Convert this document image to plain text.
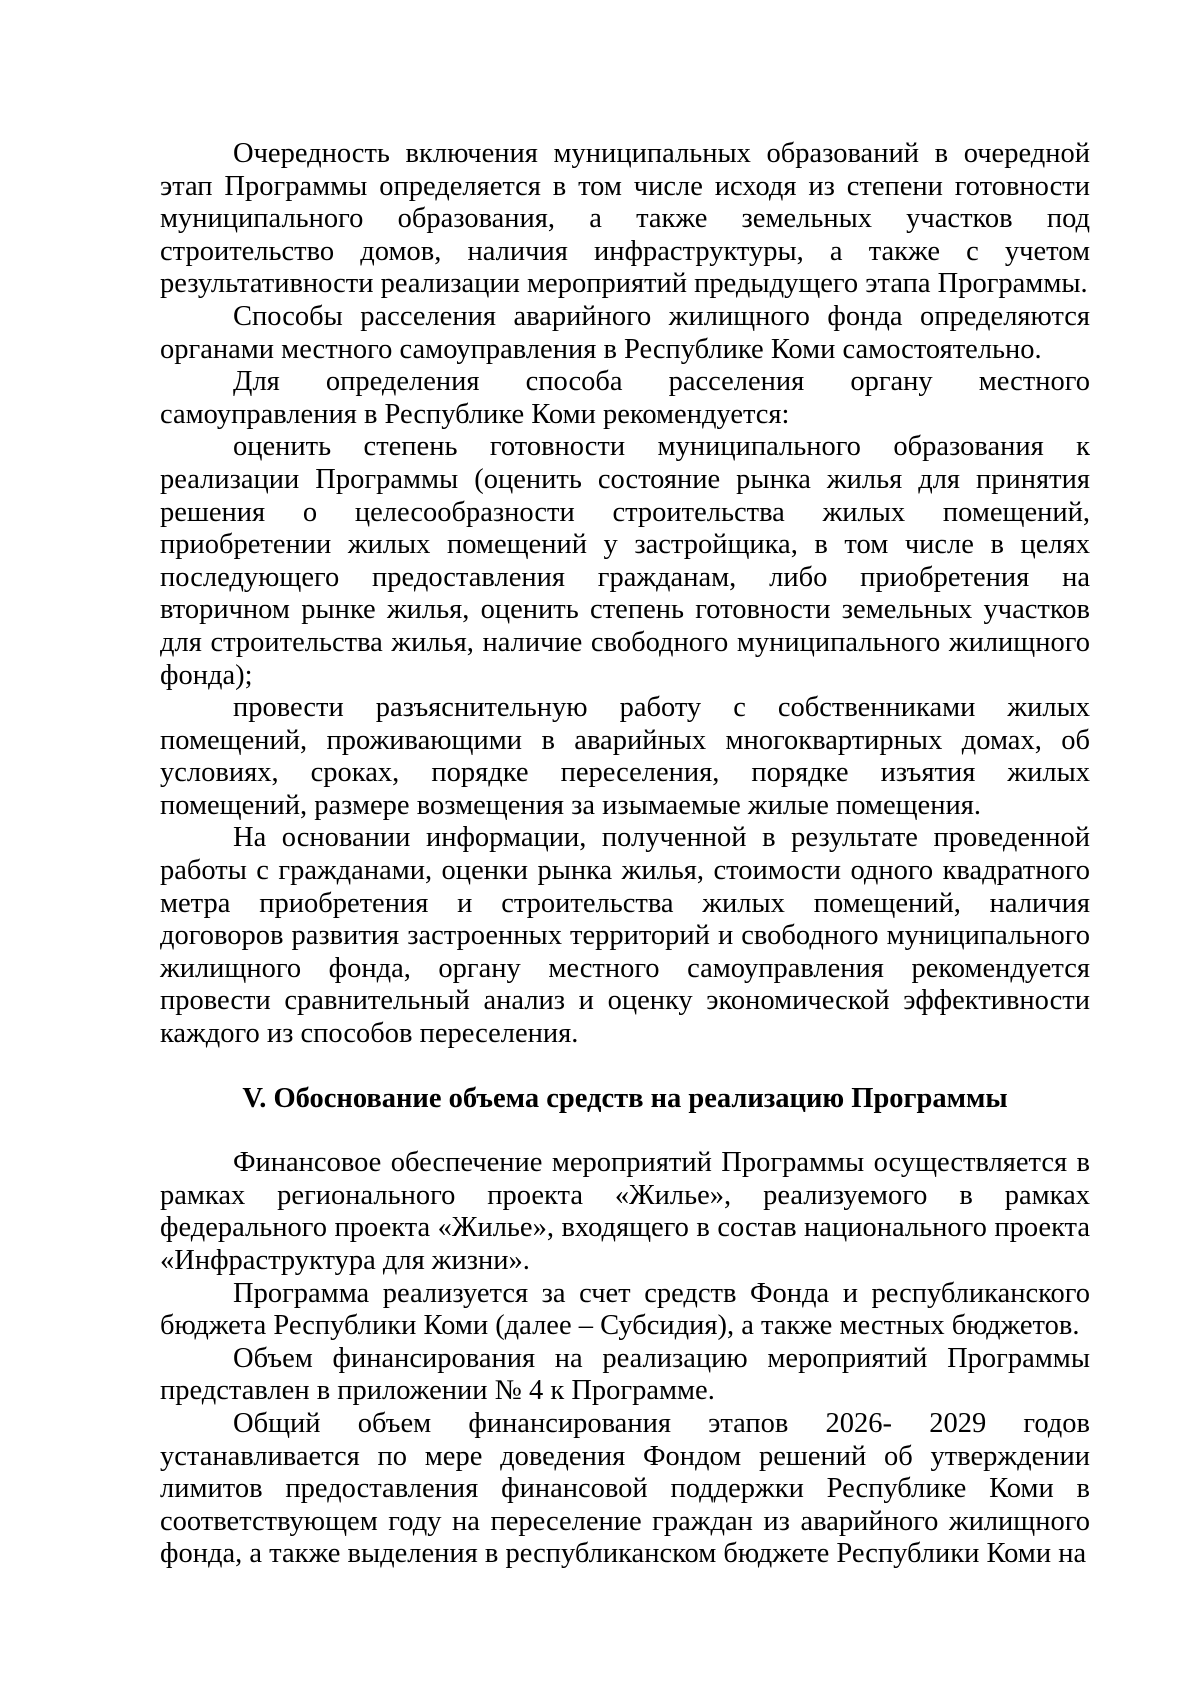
Очередность включения муниципальных образований в очередной этап Программы определяется в том числе исходя из степени готовности муниципального образования, а также земельных участков под строительство домов, наличия инфраструктуры, а также с учетом результативности реализации мероприятий предыдущего этапа Программы.

Способы расселения аварийного жилищного фонда определяются органами местного самоуправления в Республике Коми самостоятельно.

Для определения способа расселения органу местного самоуправления в Республике Коми рекомендуется:

оценить степень готовности муниципального образования к реализации Программы (оценить состояние рынка жилья для принятия решения о целесообразности строительства жилых помещений, приобретении жилых помещений у застройщика, в том числе в целях последующего предоставления гражданам, либо приобретения на вторичном рынке жилья, оценить степень готовности земельных участков для строительства жилья, наличие свободного муниципального жилищного фонда);

провести разъяснительную работу с собственниками жилых помещений, проживающими в аварийных многоквартирных домах, об условиях, сроках, порядке переселения, порядке изъятия жилых помещений, размере возмещения за изымаемые жилые помещения.

На основании информации, полученной в результате проведенной работы с гражданами, оценки рынка жилья, стоимости одного квадратного метра приобретения и строительства жилых помещений, наличия договоров развития застроенных территорий и свободного муниципального жилищного фонда, органу местного самоуправления рекомендуется провести сравнительный анализ и оценку экономической эффективности каждого из способов переселения.

V. Обоснование объема средств на реализацию Программы

Финансовое обеспечение мероприятий Программы осуществляется в рамках регионального проекта «Жилье», реализуемого в рамках федерального проекта «Жилье», входящего в состав национального проекта «Инфраструктура для жизни».

Программа реализуется за счет средств Фонда и республиканского бюджета Республики Коми (далее – Субсидия), а также местных бюджетов.

Объем финансирования на реализацию мероприятий Программы представлен в приложении № 4 к Программе.

Общий объем финансирования этапов 2026- 2029 годов устанавливается по мере доведения Фондом решений об утверждении лимитов предоставления финансовой поддержки Республике Коми в соответствующем году на переселение граждан из аварийного жилищного фонда, а также выделения в республиканском бюджете Республики Коми на
